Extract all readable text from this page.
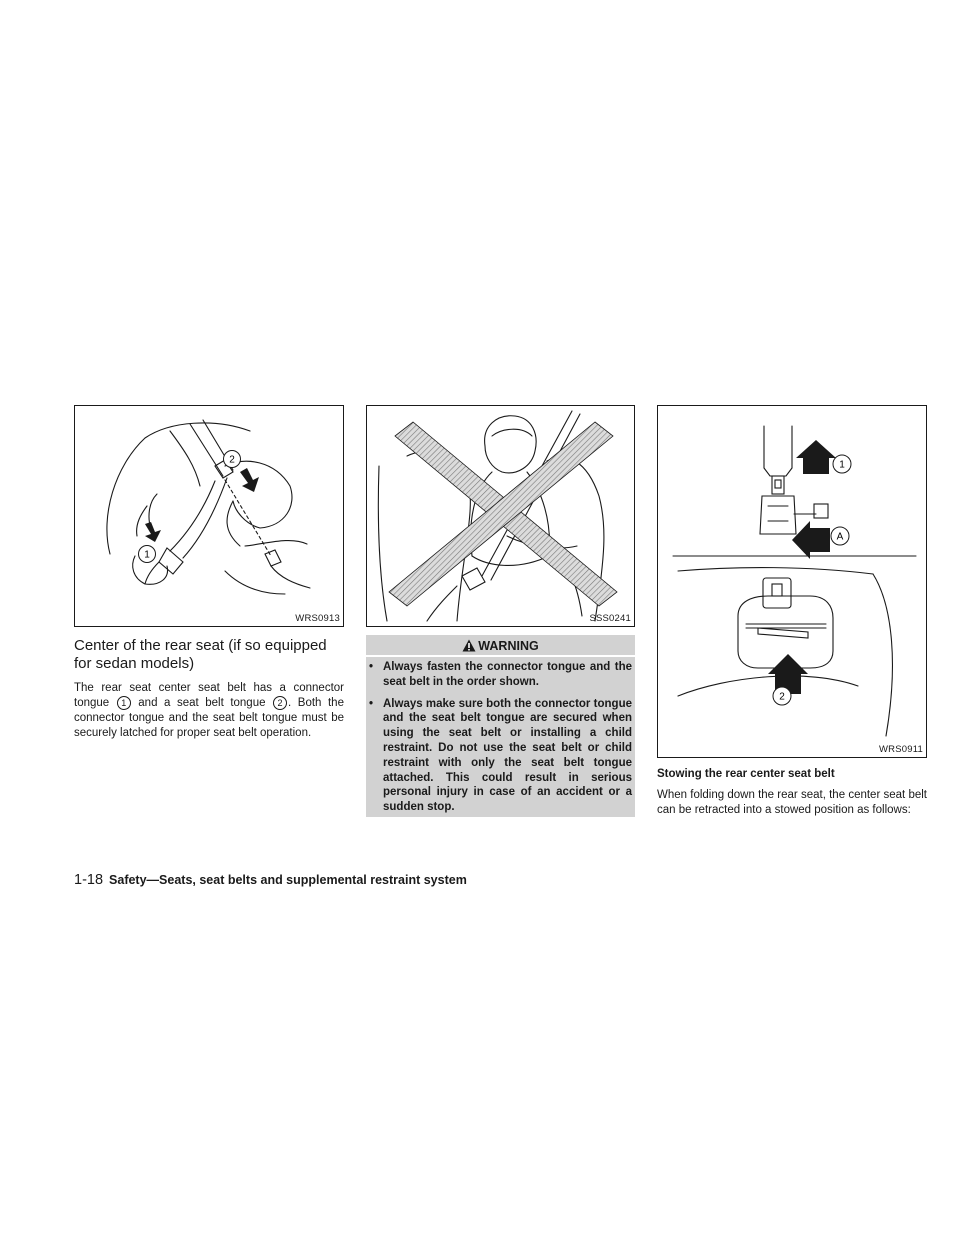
2
1
WRS0913
Center of the rear seat (if so equipped for sedan models)

The rear seat center seat belt has a connector tongue 1 and a seat belt tongue 2 . Both the connector tongue and the seat belt tongue must be securely latched for proper seat belt operation.

SSS0241
WARNING
• Always fasten the connector tongue and the seat belt in the order shown.
• Always make sure both the connector tongue and the seat belt tongue are secured when using the seat belt or installing a child restraint. Do not use the seat belt or child restraint with only the seat belt tongue attached. This could result in serious personal injury in case of an accident or a sudden stop.
1
A
2
WRS0911

Stowing the rear center seat belt

When folding down the rear seat, the center seat belt can be retracted into a stowed position as follows:

1-18 Safety—Seats, seat belts and supplemental restraint system
